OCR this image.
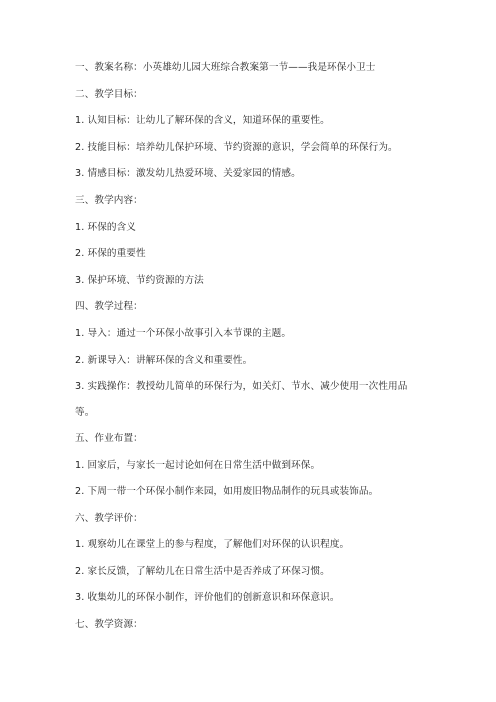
一、教案名称：小英雄幼儿园大班综合教案第一节——我是环保小卫士
二、教学目标：
1. 认知目标：让幼儿了解环保的含义，知道环保的重要性。
2. 技能目标：培养幼儿保护环境、节约资源的意识，学会简单的环保行为。
3. 情感目标：激发幼儿热爱环境、关爱家园的情感。
三、教学内容：
1. 环保的含义
2. 环保的重要性
3. 保护环境、节约资源的方法
四、教学过程：
1. 导入：通过一个环保小故事引入本节课的主题。
2. 新课导入：讲解环保的含义和重要性。
3. 实践操作：教授幼儿简单的环保行为，如关灯、节水、减少使用一次性用品等。
五、作业布置：
1. 回家后，与家长一起讨论如何在日常生活中做到环保。
2. 下周一带一个环保小制作来园，如用废旧物品制作的玩具或装饰品。
六、教学评价：
1. 观察幼儿在课堂上的参与程度，了解他们对环保的认识程度。
2. 家长反馈，了解幼儿在日常生活中是否养成了环保习惯。
3. 收集幼儿的环保小制作，评价他们的创新意识和环保意识。
七、教学资源：
